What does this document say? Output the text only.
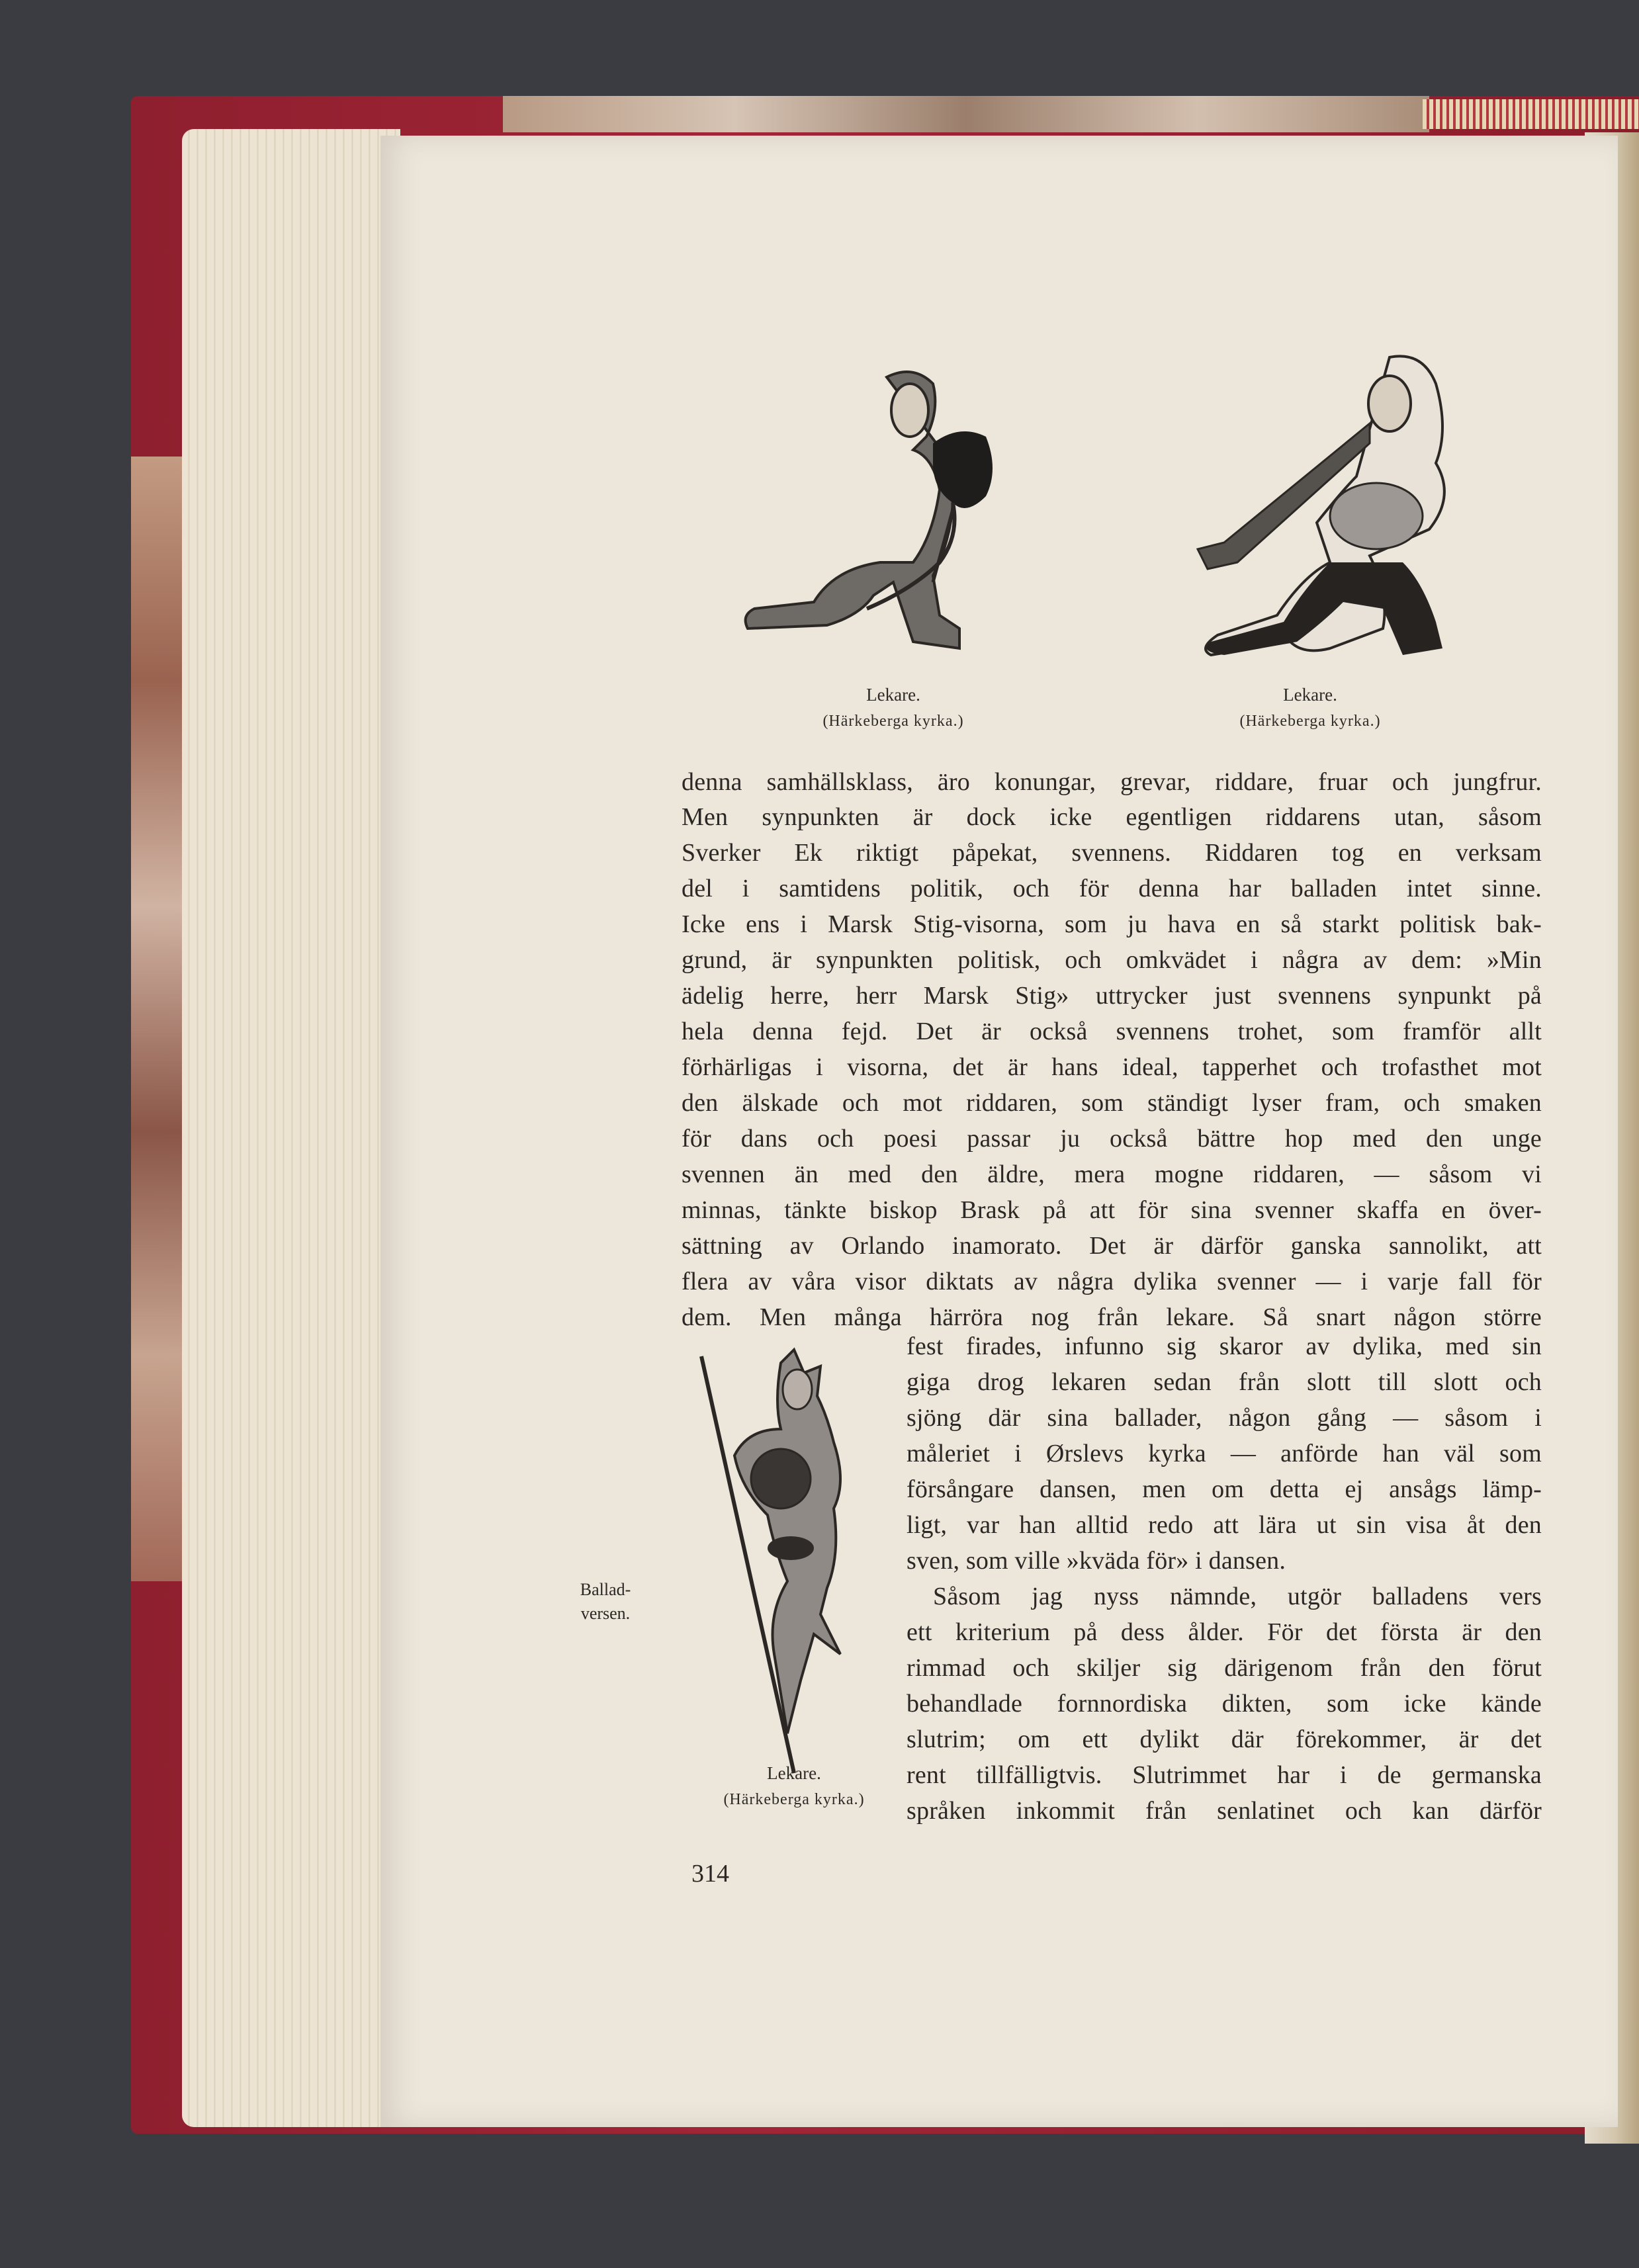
Lekare.
(Härkeberga kyrka.)
Lekare.
(Härkeberga kyrka.)
denna samhällsklass, äro konungar, grevar, riddare, fruar och jungfrur.
Men synpunkten är dock icke egentligen riddarens utan, såsom
Sverker Ek riktigt påpekat, svennens. Riddaren tog en verksam
del i samtidens politik, och för denna har balladen intet sinne.
Icke ens i Marsk Stig-visorna, som ju hava en så starkt politisk bak-
grund, är synpunkten politisk, och omkvädet i några av dem: »Min
ädelig herre, herr Marsk Stig» uttrycker just svennens synpunkt på
hela denna fejd. Det är också svennens trohet, som framför allt
förhärligas i visorna, det är hans ideal, tapperhet och trofasthet mot
den älskade och mot riddaren, som ständigt lyser fram, och smaken
för dans och poesi passar ju också bättre hop med den unge
svennen än med den äldre, mera mogne riddaren, — såsom vi
minnas, tänkte biskop Brask på att för sina svenner skaffa en över-
sättning av Orlando inamorato. Det är därför ganska sannolikt, att
flera av våra visor diktats av några dylika svenner — i varje fall för
dem. Men många härröra nog från lekare. Så snart någon större
Lekare.
(Härkeberga kyrka.)
fest firades, infunno sig skaror av dylika, med sin
giga drog lekaren sedan från slott till slott och
sjöng där sina ballader, någon gång — såsom i
måleriet i Ørslevs kyrka — anförde han väl som
försångare dansen, men om detta ej ansågs lämp-
ligt, var han alltid redo att lära ut sin visa åt den
sven, som ville »kväda för» i dansen.
Såsom jag nyss nämnde, utgör balladens vers
ett kriterium på dess ålder. För det första är den
rimmad och skiljer sig därigenom från den förut
behandlade fornnordiska dikten, som icke kände
slutrim; om ett dylikt där förekommer, är det
rent tillfälligtvis. Slutrimmet har i de germanska
språken inkommit från senlatinet och kan därför
Ballad-
versen.
314
